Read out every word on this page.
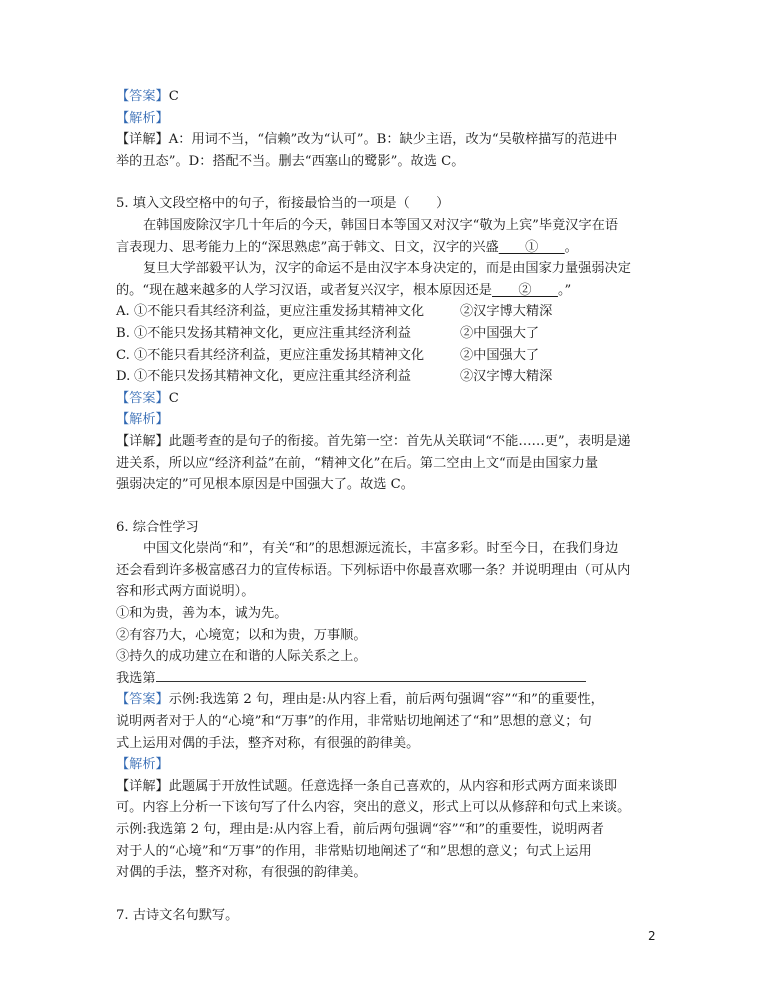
【答案】C
【解析】
【详解】A：用词不当，“信赖”改为“认可”。B：缺少主语，改为“吴敬梓描写的范进中
举的丑态”。D：搭配不当。删去“西塞山的鹭影”。故选 C。
5. 填入文段空格中的句子，衔接最恰当的一项是（　　）
在韩国废除汉字几十年后的今天，韩国日本等国又对汉字“敬为上宾”毕竟汉字在语
言表现力、思考能力上的“深思熟虑”高于韩文、日文，汉字的兴盛　　①　　。
复旦大学部毅平认为，汉字的命运不是由汉字本身决定的，而是由国家力量强弱决定
的。“现在越来越多的人学习汉语，或者复兴汉字，根本原因还是　　②　　。”
A. ①不能只看其经济利益，更应注重发扬其精神文化	②汉字博大精深
B. ①不能只发扬其精神文化，更应注重其经济利益	②中国强大了
C. ①不能只看其经济利益，更应注重发扬其精神文化	②中国强大了
D. ①不能只发扬其精神文化，更应注重其经济利益	②汉字博大精深
【答案】C
【解析】
【详解】此题考查的是句子的衔接。首先第一空：首先从关联词“不能……更”，表明是递
进关系，所以应“经济利益”在前，“精神文化”在后。第二空由上文“而是由国家力量
强弱决定的”可见根本原因是中国强大了。故选 C。
6. 综合性学习
中国文化崇尚“和”，有关“和”的思想源远流长，丰富多彩。时至今日，在我们身边
还会看到许多极富感召力的宣传标语。下列标语中你最喜欢哪一条？并说明理由（可从内
容和形式两方面说明）。
①和为贵，善为本，诚为先。
②有容乃大，心境宽；以和为贵，万事顺。
③持久的成功建立在和谐的人际关系之上。
我选第
【答案】示例:我选第 2 句，理由是:从内容上看，前后两句强调“容”“和”的重要性，
说明两者对于人的“心境”和“万事”的作用，非常贴切地阐述了“和”思想的意义；句
式上运用对偶的手法，整齐对称，有很强的韵律美。
【解析】
【详解】此题属于开放性试题。任意选择一条自己喜欢的，从内容和形式两方面来谈即
可。内容上分析一下该句写了什么内容，突出的意义，形式上可以从修辞和句式上来谈。
示例:我选第 2 句，理由是:从内容上看，前后两句强调“容”“和”的重要性，说明两者
对于人的“心境”和“万事”的作用，非常贴切地阐述了“和”思想的意义；句式上运用
对偶的手法，整齐对称，有很强的韵律美。
7. 古诗文名句默写。
2
